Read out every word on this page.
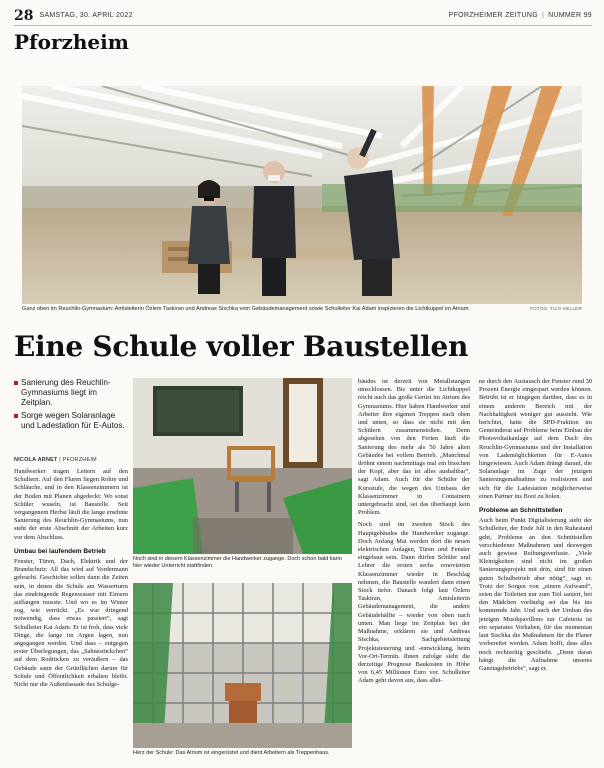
28 SAMSTAG, 30. APRIL 2022	PFORZHEIMER ZEITUNG | NUMMER 99
Pforzheim
Ganz oben im Reuchlin-Gymnasium: Amtsleiterin Özlem Taskiran und Andreas Sischka vom Gebäudemanagement sowie Schulleiter Kai Adam inspizieren die Lichtkuppel im Atrium.	FOTOS: TILO KELLER
Eine Schule voller Baustellen
Sanierung des Reuchlin-Gymnasiums liegt im Zeitplan.
Sorge wegen Solaranlage und Ladestation für E-Autos.
NICOLA ARNET | PFORZHEIM

Handwerker tragen Leitern auf den Schultern. Auf den Fluren liegen Rohre und Schläuche, und in den Klassenzimmern ist der Boden mit Planen abgedeckt: Wo sonst Schüler wuseln, ist Baustelle. Seit vergangenem Herbst läuft die lange ersehnte Sanierung des Reuchlin-Gymnasiums, nun steht der erste Abschnitt der Arbeiten kurz vor dem Abschluss.

Umbau bei laufendem Betrieb

Fenster, Türen, Dach, Elektrik und der Brandschutz: All das wird auf Vordermann gebracht. Geschichte sollen dann die Zeiten sein, in denen die Schule am Wasserturm das eindringende Regenwasser mit Eimern auffangen musste. Und wo es im Winter zog, wie verrückt. „Es war dringend notwendig, dass etwas passiert“, sagt Schulleiter Kai Adam. Er ist froh, dass viele Dinge, die lange im Argen lagen, nun angegangen werden. Und dass – entgegen erster Überlegungen, das „Sahnestückchen“ auf dem Rodrücken zu veräußern – das Gebäude samt der Grünflächen darum für Schule und Öffentlichkeit erhalten bleibt. Nicht nur die Außenfassade des Schulge-

Noch sind in diesem Klassenzimmer die Handwerker zugange. Doch schon bald kann hier wieder Unterricht stattfinden.
Herz der Schule: Das Atrium ist eingerüstet und dient Arbeitern als Treppenhaus.

bäudes ist derzeit von Metallstangen umschlossen. Bis unter die Lichtkuppel reicht auch das große Gerüst im Atrium des Gymnasiums. Hier haben Handwerker und Arbeiter ihre eigenen Treppen nach oben und unten, so dass sie nicht mit den Schülern zusammenstoßen. Denn abgesehen von den Ferien läuft die Sanierung des mehr als 50 Jahre alten Gebäudes bei vollem Betrieb. „Manchmal dröhnt einem nachmittags mal ein bisschen der Kopf, aber das ist alles aushaltbar“, sagt Adam. Auch für die Schüler der Kursstufe, die wegen des Umbaus der Klassenzimmer in Containern untergebracht sind, sei das überhaupt kein Problem.

Noch sind im zweiten Stock des Hauptgebäudes die Handwerker zugange. Doch Anfang Mai werden dort die neuen elektrischen Anlagen, Türen und Fenster eingebaut sein. Dann dürfen Schüler und Lehrer die ersten sechs renovierten Klassenzimmer wieder in Beschlag nehmen, die Baustelle wandert dann einen Stock tiefer. Danach folgt laut Özlem Taskiran, Amtsleiterin Gebäudemanagement, die andere Gebäudehälfte – wieder von oben nach unten. Man liege im Zeitplan bei der Maßnahme, erklären sie und Andreas Sischka, Sachgebietsleitung Projektsteuerung und -entwicklung, beim Vor-Ort-Termin. Ihnen zufolge sieht die derzeitige Prognose Baukosten in Höhe von 6,45 Millionen Euro vor. Schulleiter Adam geht davon aus, dass allei-

ne durch den Austausch der Fenster rund 30 Prozent Energie eingespart werden können. Betrübt ist er hingegen darüber, dass es in einem anderen Bereich mit der Nachhaltigkeit weniger gut aussieht. Wie berichtet, hatte die SPD-Fraktion im Gemeinderat auf Probleme beim Einbau der Photovoltaikanlage auf dem Dach des Reuchlin-Gymnasiums und der Installation von Lademöglichkeiten für E-Autos hingewiesen. Auch Adam drängt darauf, die Solaranlage im Zuge der jetzigen Sanierungsmaßnahme zu realisieren und sich für die Ladestation möglicherweise einen Partner ins Boot zu holen.

Probleme an Schnittstellen

Auch beim Punkt Digitalisierung sieht der Schulleiter, der Ende Juli in den Ruhestand geht, Probleme an den Schnittstellen verschiedener Maßnahmen und deswegen auch gewisse Reibungsverluste. „Viele Kleinigkeiten sind nicht im großen Sanierungsprojekt mit drin, sind für einen guten Schulbetrieb aber nötig“, sagt er. Trotz der Sorgen von „einem Aufwand“, seien die Toiletten nur zum Teil saniert, bei den Mädchen vorläufig sei das bis ins kommende Jahr. Und auch der Umbau des jetzigen Musikpavillons zur Cafeteria ist ein separates Vorhaben, für das momentan laut Sischka die Maßnahmen für die Planer vorbereitet werden. Adam hofft, dass alles noch rechtzeitig geschieht. „Denn daran hängt die Aufnahme unseres Ganztagsbetriebs“, sagt er.
